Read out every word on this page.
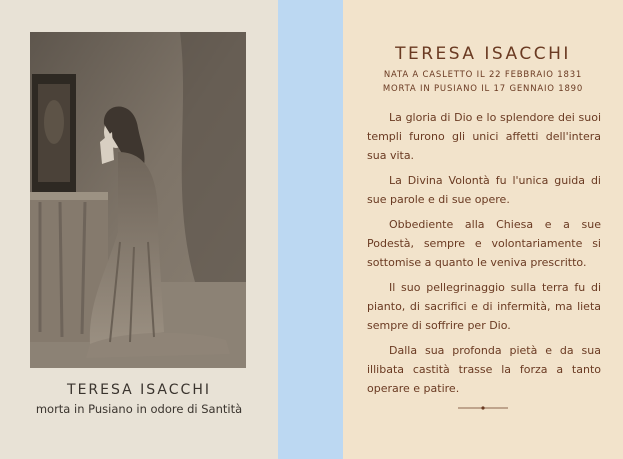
TERESA ISACCHI
morta in Pusiano in odore di Santità
TERESA ISACCHI
NATA A CASLETTO IL 22 FEBBRAIO 1831
MORTA IN PUSIANO IL 17 GENNAIO 1890

La gloria di Dio e lo splendore dei suoi templi furono gli unici affetti dell'intera sua vita.

La Divina Volontà fu l'unica guida di sue parole e di sue opere.

Obbediente alla Chiesa e a sue Podestà, sempre e volontariamente si sottomise a quanto le veniva prescritto.

Il suo pellegrinaggio sulla terra fu di pianto, di sacrifici e di infermità, ma lieta sempre di soffrire per Dio.

Dalla sua profonda pietà e da sua illibata castità trasse la forza a tanto operare e patire.
